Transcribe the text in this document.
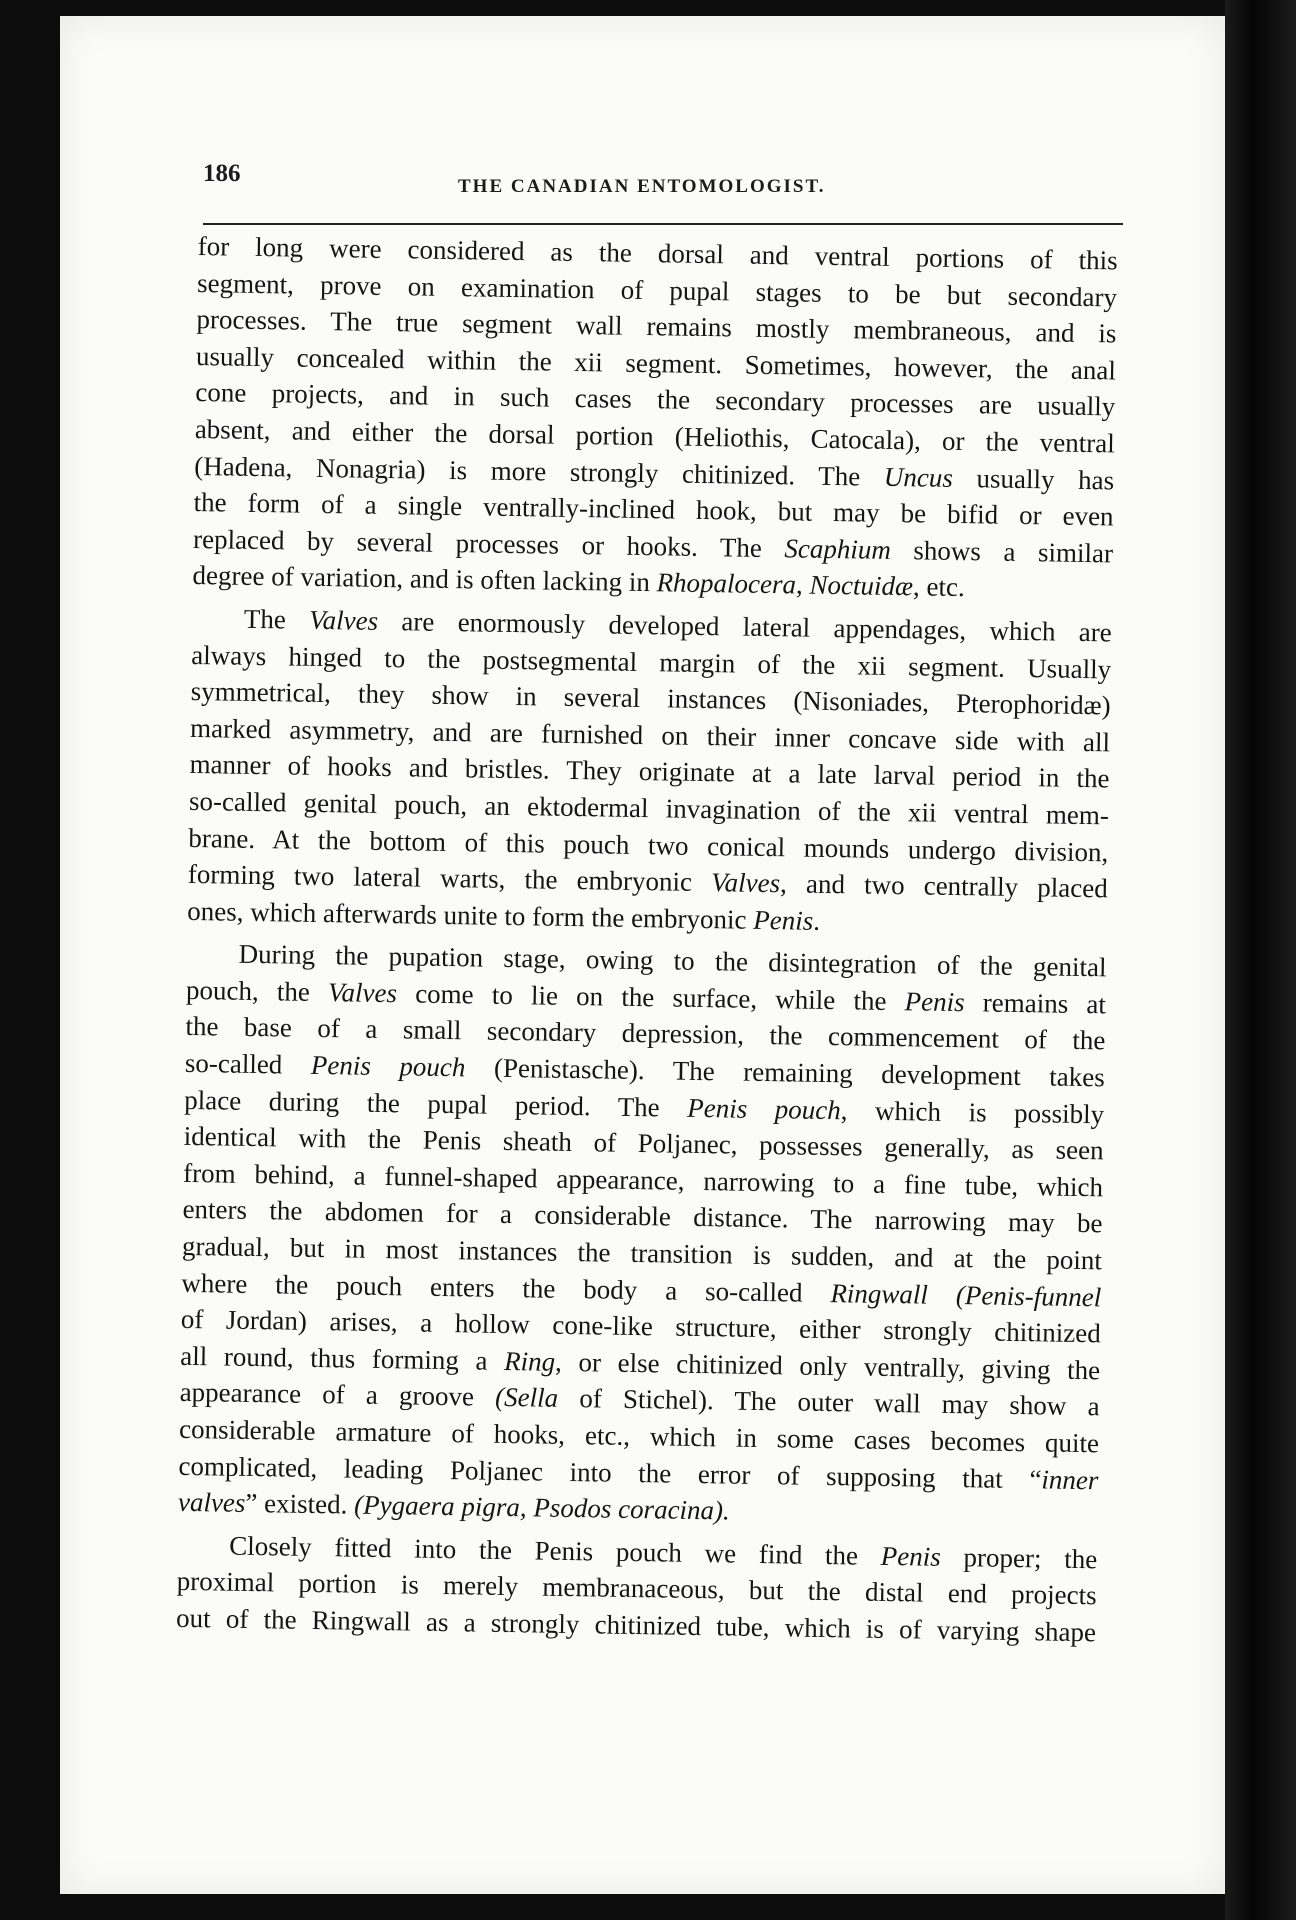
186	THE CANADIAN ENTOMOLOGIST.
for long were considered as the dorsal and ventral portions of this
segment, prove on examination of pupal stages to be but secondary
processes. The true segment wall remains mostly membraneous, and is
usually concealed within the xii segment. Sometimes, however, the anal
cone projects, and in such cases the secondary processes are usually
absent, and either the dorsal portion (Heliothis, Catocala), or the ventral
(Hadena, Nonagria) is more strongly chitinized. The Uncus usually has
the form of a single ventrally-inclined hook, but may be bifid or even
replaced by several processes or hooks. The Scaphium shows a similar
degree of variation, and is often lacking in Rhopalocera, Noctuidæ, etc.
The Valves are enormously developed lateral appendages, which are
always hinged to the postsegmental margin of the xii segment. Usually
symmetrical, they show in several instances (Nisoniades, Pterophoridæ)
marked asymmetry, and are furnished on their inner concave side with all
manner of hooks and bristles. They originate at a late larval period in the
so-called genital pouch, an ektodermal invagination of the xii ventral mem-
brane. At the bottom of this pouch two conical mounds undergo division,
forming two lateral warts, the embryonic Valves, and two centrally placed
ones, which afterwards unite to form the embryonic Penis.
During the pupation stage, owing to the disintegration of the genital
pouch, the Valves come to lie on the surface, while the Penis remains at
the base of a small secondary depression, the commencement of the
so-called Penis pouch (Penistasche). The remaining development takes
place during the pupal period. The Penis pouch, which is possibly
identical with the Penis sheath of Poljanec, possesses generally, as seen
from behind, a funnel-shaped appearance, narrowing to a fine tube, which
enters the abdomen for a considerable distance. The narrowing may be
gradual, but in most instances the transition is sudden, and at the point
where the pouch enters the body a so-called Ringwall (Penis-funnel
of Jordan) arises, a hollow cone-like structure, either strongly chitinized
all round, thus forming a Ring, or else chitinized only ventrally, giving the
appearance of a groove (Sella of Stichel). The outer wall may show a
considerable armature of hooks, etc., which in some cases becomes quite
complicated, leading Poljanec into the error of supposing that “inner
valves” existed. (Pygaera pigra, Psodos coracina).
Closely fitted into the Penis pouch we find the Penis proper; the
proximal portion is merely membranaceous, but the distal end projects
out of the Ringwall as a strongly chitinized tube, which is of varying shape
